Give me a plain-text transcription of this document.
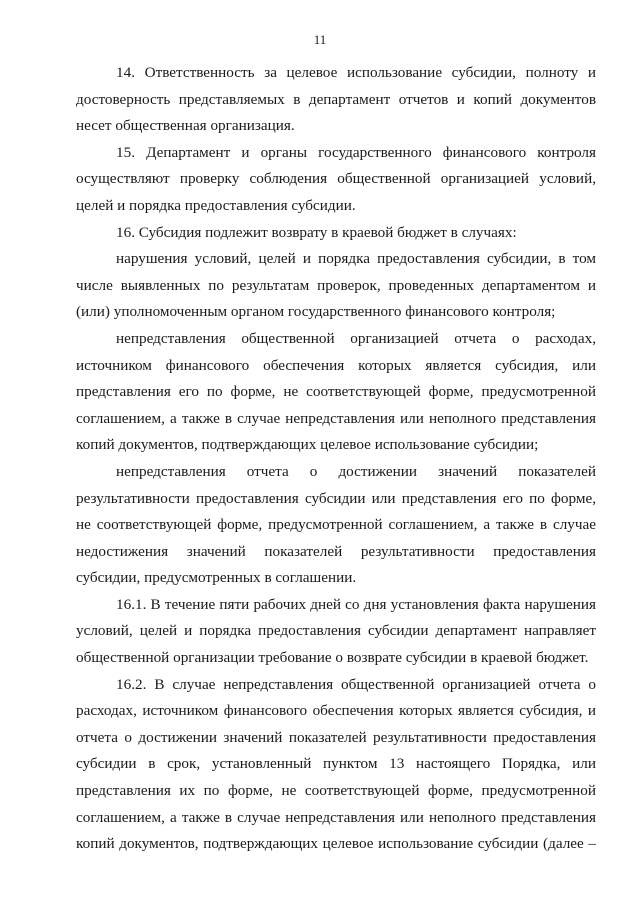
11

14. Ответственность за целевое использование субсидии, полноту и достоверность представляемых в департамент отчетов и копий документов несет общественная организация.

15. Департамент и органы государственного финансового контроля осуществляют проверку соблюдения общественной организацией условий, целей и порядка предоставления субсидии.

16. Субсидия подлежит возврату в краевой бюджет в случаях:

нарушения условий, целей и порядка предоставления субсидии, в том числе выявленных по результатам проверок, проведенных департаментом и (или) уполномоченным органом государственного финансового контроля;

непредставления общественной организацией отчета о расходах, источником финансового обеспечения которых является субсидия, или представления его по форме, не соответствующей форме, предусмотренной соглашением, а также в случае непредставления или неполного представления копий документов, подтверждающих целевое использование субсидии;

непредставления отчета о достижении значений показателей результативности предоставления субсидии или представления его по форме, не соответствующей форме, предусмотренной соглашением, а также в случае недостижения значений показателей результативности предоставления субсидии, предусмотренных в соглашении.

16.1. В течение пяти рабочих дней со дня установления факта нарушения условий, целей и порядка предоставления субсидии департамент направляет общественной организации требование о возврате субсидии в краевой бюджет.

16.2. В случае непредставления общественной организацией отчета о расходах, источником финансового обеспечения которых является субсидия, и отчета о достижении значений показателей результативности предоставления субсидии в срок, установленный пунктом 13 настоящего Порядка, или представления их по форме, не соответствующей форме, предусмотренной соглашением, а также в случае непредставления или неполного представления копий документов, подтверждающих целевое использование субсидии (далее –
